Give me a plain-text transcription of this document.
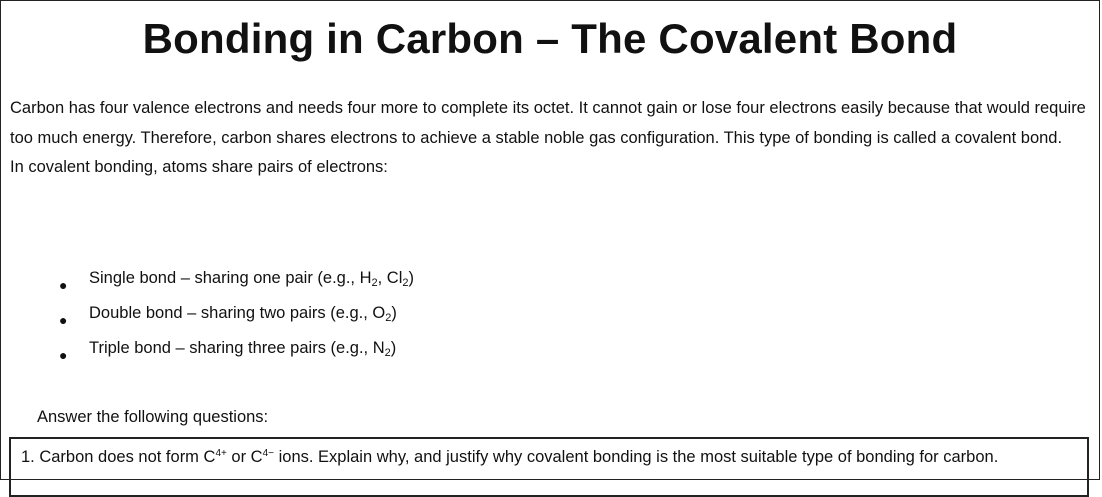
Bonding in Carbon – The Covalent Bond

Carbon has four valence electrons and needs four more to complete its octet. It cannot gain or lose four electrons easily because that would require too much energy. Therefore, carbon shares electrons to achieve a stable noble gas configuration. This type of bonding is called a covalent bond.

In covalent bonding, atoms share pairs of electrons:

● Single bond – sharing one pair (e.g., $H_2$, $Cl_2$)
● Double bond – sharing two pairs (e.g., $O_2$)
● Triple bond – sharing three pairs (e.g., $N_2$)

Answer the following questions:

1. Carbon does not form $C^{4+}$ or $C^{4-}$ ions. Explain why, and justify why covalent bonding is the most suitable type of bonding for carbon.
